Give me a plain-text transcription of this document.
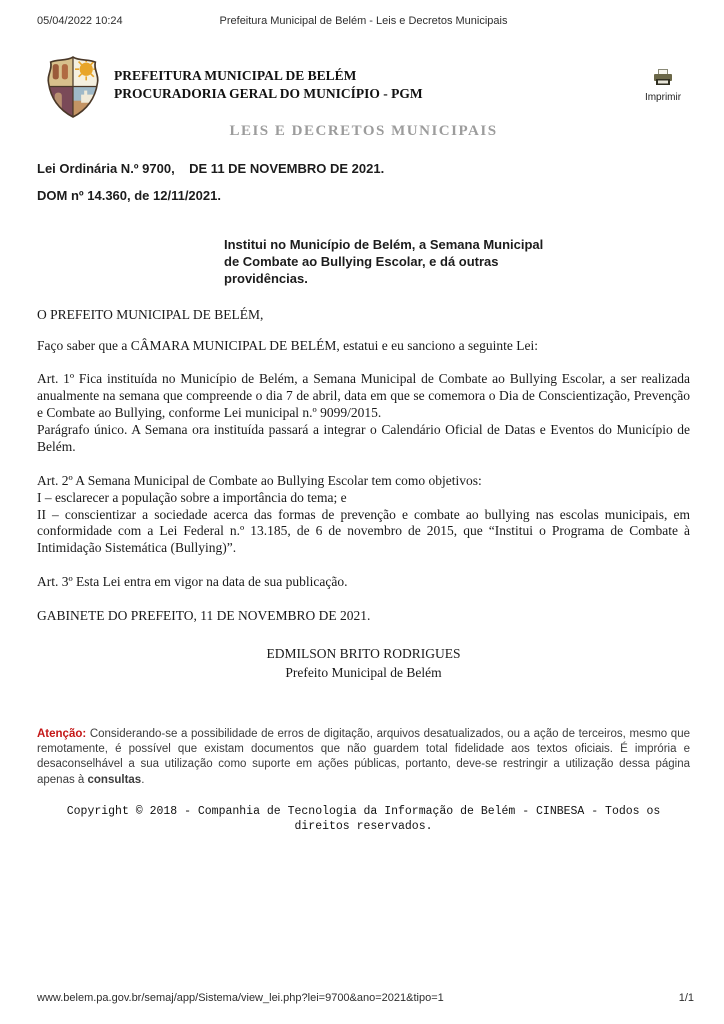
05/04/2022 10:24	Prefeitura Municipal de Belém - Leis e Decretos Municipais
PREFEITURA MUNICIPAL DE BELÉM
PROCURADORIA GERAL DO MUNICÍPIO - PGM	Imprimir
LEIS E DECRETOS MUNICIPAIS
Lei Ordinária N.º 9700,    DE 11 DE NOVEMBRO DE 2021.
DOM nº 14.360, de 12/11/2021.
Institui no Município de Belém, a Semana Municipal de Combate ao Bullying Escolar, e dá outras providências.

O PREFEITO MUNICIPAL DE BELÉM,

Faço saber que a CÂMARA MUNICIPAL DE BELÉM, estatui e eu sanciono a seguinte Lei:

Art. 1º Fica instituída no Município de Belém, a Semana Municipal de Combate ao Bullying Escolar, a ser realizada anualmente na semana que compreende o dia 7 de abril, data em que se comemora o Dia de Conscientização, Prevenção e Combate ao Bullying, conforme Lei municipal n.º 9099/2015.

Parágrafo único. A Semana ora instituída passará a integrar o Calendário Oficial de Datas e Eventos do Município de Belém.

Art. 2º A Semana Municipal de Combate ao Bullying Escolar tem como objetivos:

I – esclarecer a população sobre a importância do tema; e

II – conscientizar a sociedade acerca das formas de prevenção e combate ao bullying nas escolas municipais, em conformidade com a Lei Federal n.º 13.185, de 6 de novembro de 2015, que “Institui o Programa de Combate à Intimidação Sistemática (Bullying)”.

Art. 3º Esta Lei entra em vigor na data de sua publicação.

GABINETE DO PREFEITO, 11 DE NOVEMBRO DE 2021.

EDMILSON BRITO RODRIGUES
Prefeito Municipal de Belém
Atenção: Considerando-se a possibilidade de erros de digitação, arquivos desatualizados, ou a ação de terceiros, mesmo que remotamente, é possível que existam documentos que não guardem total fidelidade aos textos oficiais. É imprória e desaconselhável a sua utilização como suporte em ações públicas, portanto, deve-se restringir a utilização dessa página apenas à consultas.
Copyright © 2018 - Companhia de Tecnologia da Informação de Belém - CINBESA - Todos os direitos reservados.
www.belem.pa.gov.br/semaj/app/Sistema/view_lei.php?lei=9700&ano=2021&tipo=1	1/1
